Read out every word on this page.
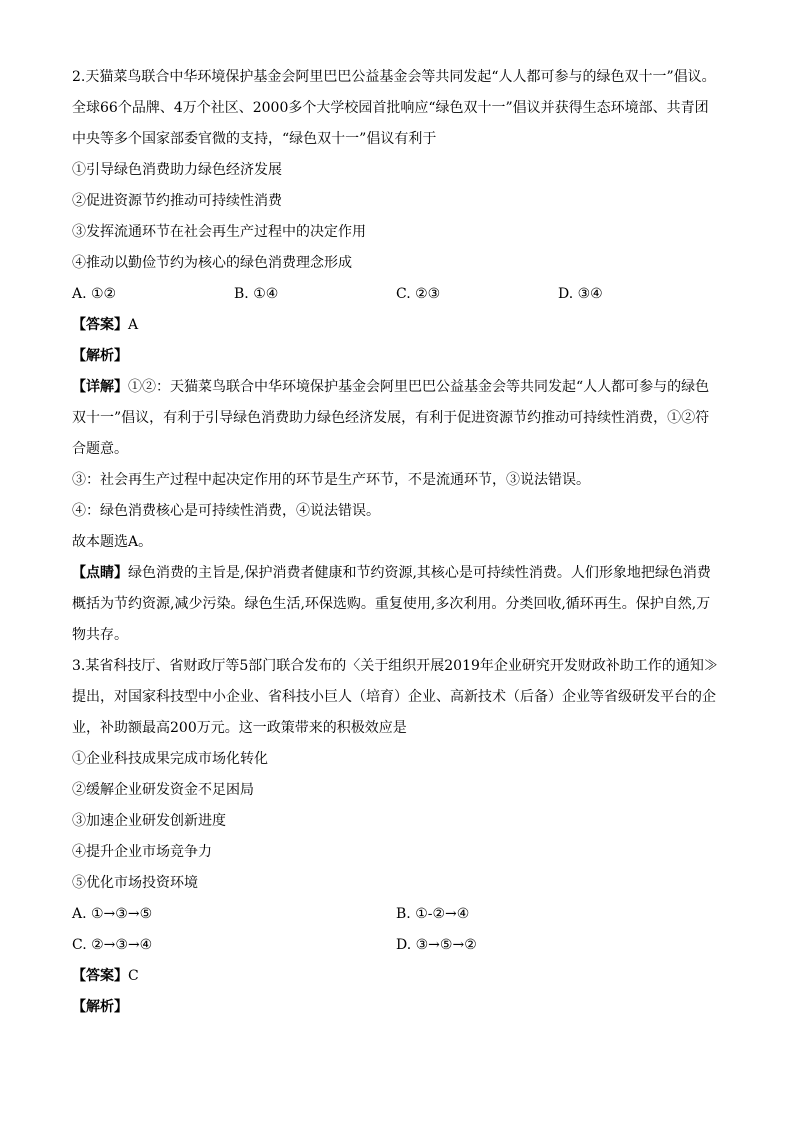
2.天猫菜鸟联合中华环境保护基金会阿里巴巴公益基金会等共同发起“人人都可参与的绿色双十一”倡议。
全球66个品牌、4万个社区、2000多个大学校园首批响应“绿色双十一”倡议并获得生态环境部、共青团
中央等多个国家部委官微的支持，“绿色双十一”倡议有利于
①引导绿色消费助力绿色经济发展
②促进资源节约推动可持续性消费
③发挥流通环节在社会再生产过程中的决定作用
④推动以勤俭节约为核心的绿色消费理念形成
A. ①②	B. ①④	C. ②③	D. ③④
【答案】A
【解析】
【详解】①②：天猫菜鸟联合中华环境保护基金会阿里巴巴公益基金会等共同发起“人人都可参与的绿色
双十一”倡议，有利于引导绿色消费助力绿色经济发展，有利于促进资源节约推动可持续性消费，①②符
合题意。
③：社会再生产过程中起决定作用的环节是生产环节，不是流通环节，③说法错误。
④：绿色消费核心是可持续性消费，④说法错误。
故本题选A。
【点睛】绿色消费的主旨是,保护消费者健康和节约资源,其核心是可持续性消费。人们形象地把绿色消费
概括为节约资源,减少污染。绿色生活,环保选购。重复使用,多次利用。分类回收,循环再生。保护自然,万
物共存。
3.某省科技厅、省财政厅等5部门联合发布的〈关于组织开展2019年企业研究开发财政补助工作的通知≫
提出，对国家科技型中小企业、省科技小巨人（培育）企业、高新技术（后备）企业等省级研发平台的企
业，补助额最高200万元。这一政策带来的积极效应是
①企业科技成果完成市场化转化
②缓解企业研发资金不足困局
③加速企业研发创新进度
④提升企业市场竞争力
⑤优化市场投资环境
A. ①→③→⑤	B. ①-②→④
C. ②→③→④	D. ③→⑤→②
【答案】C
【解析】
